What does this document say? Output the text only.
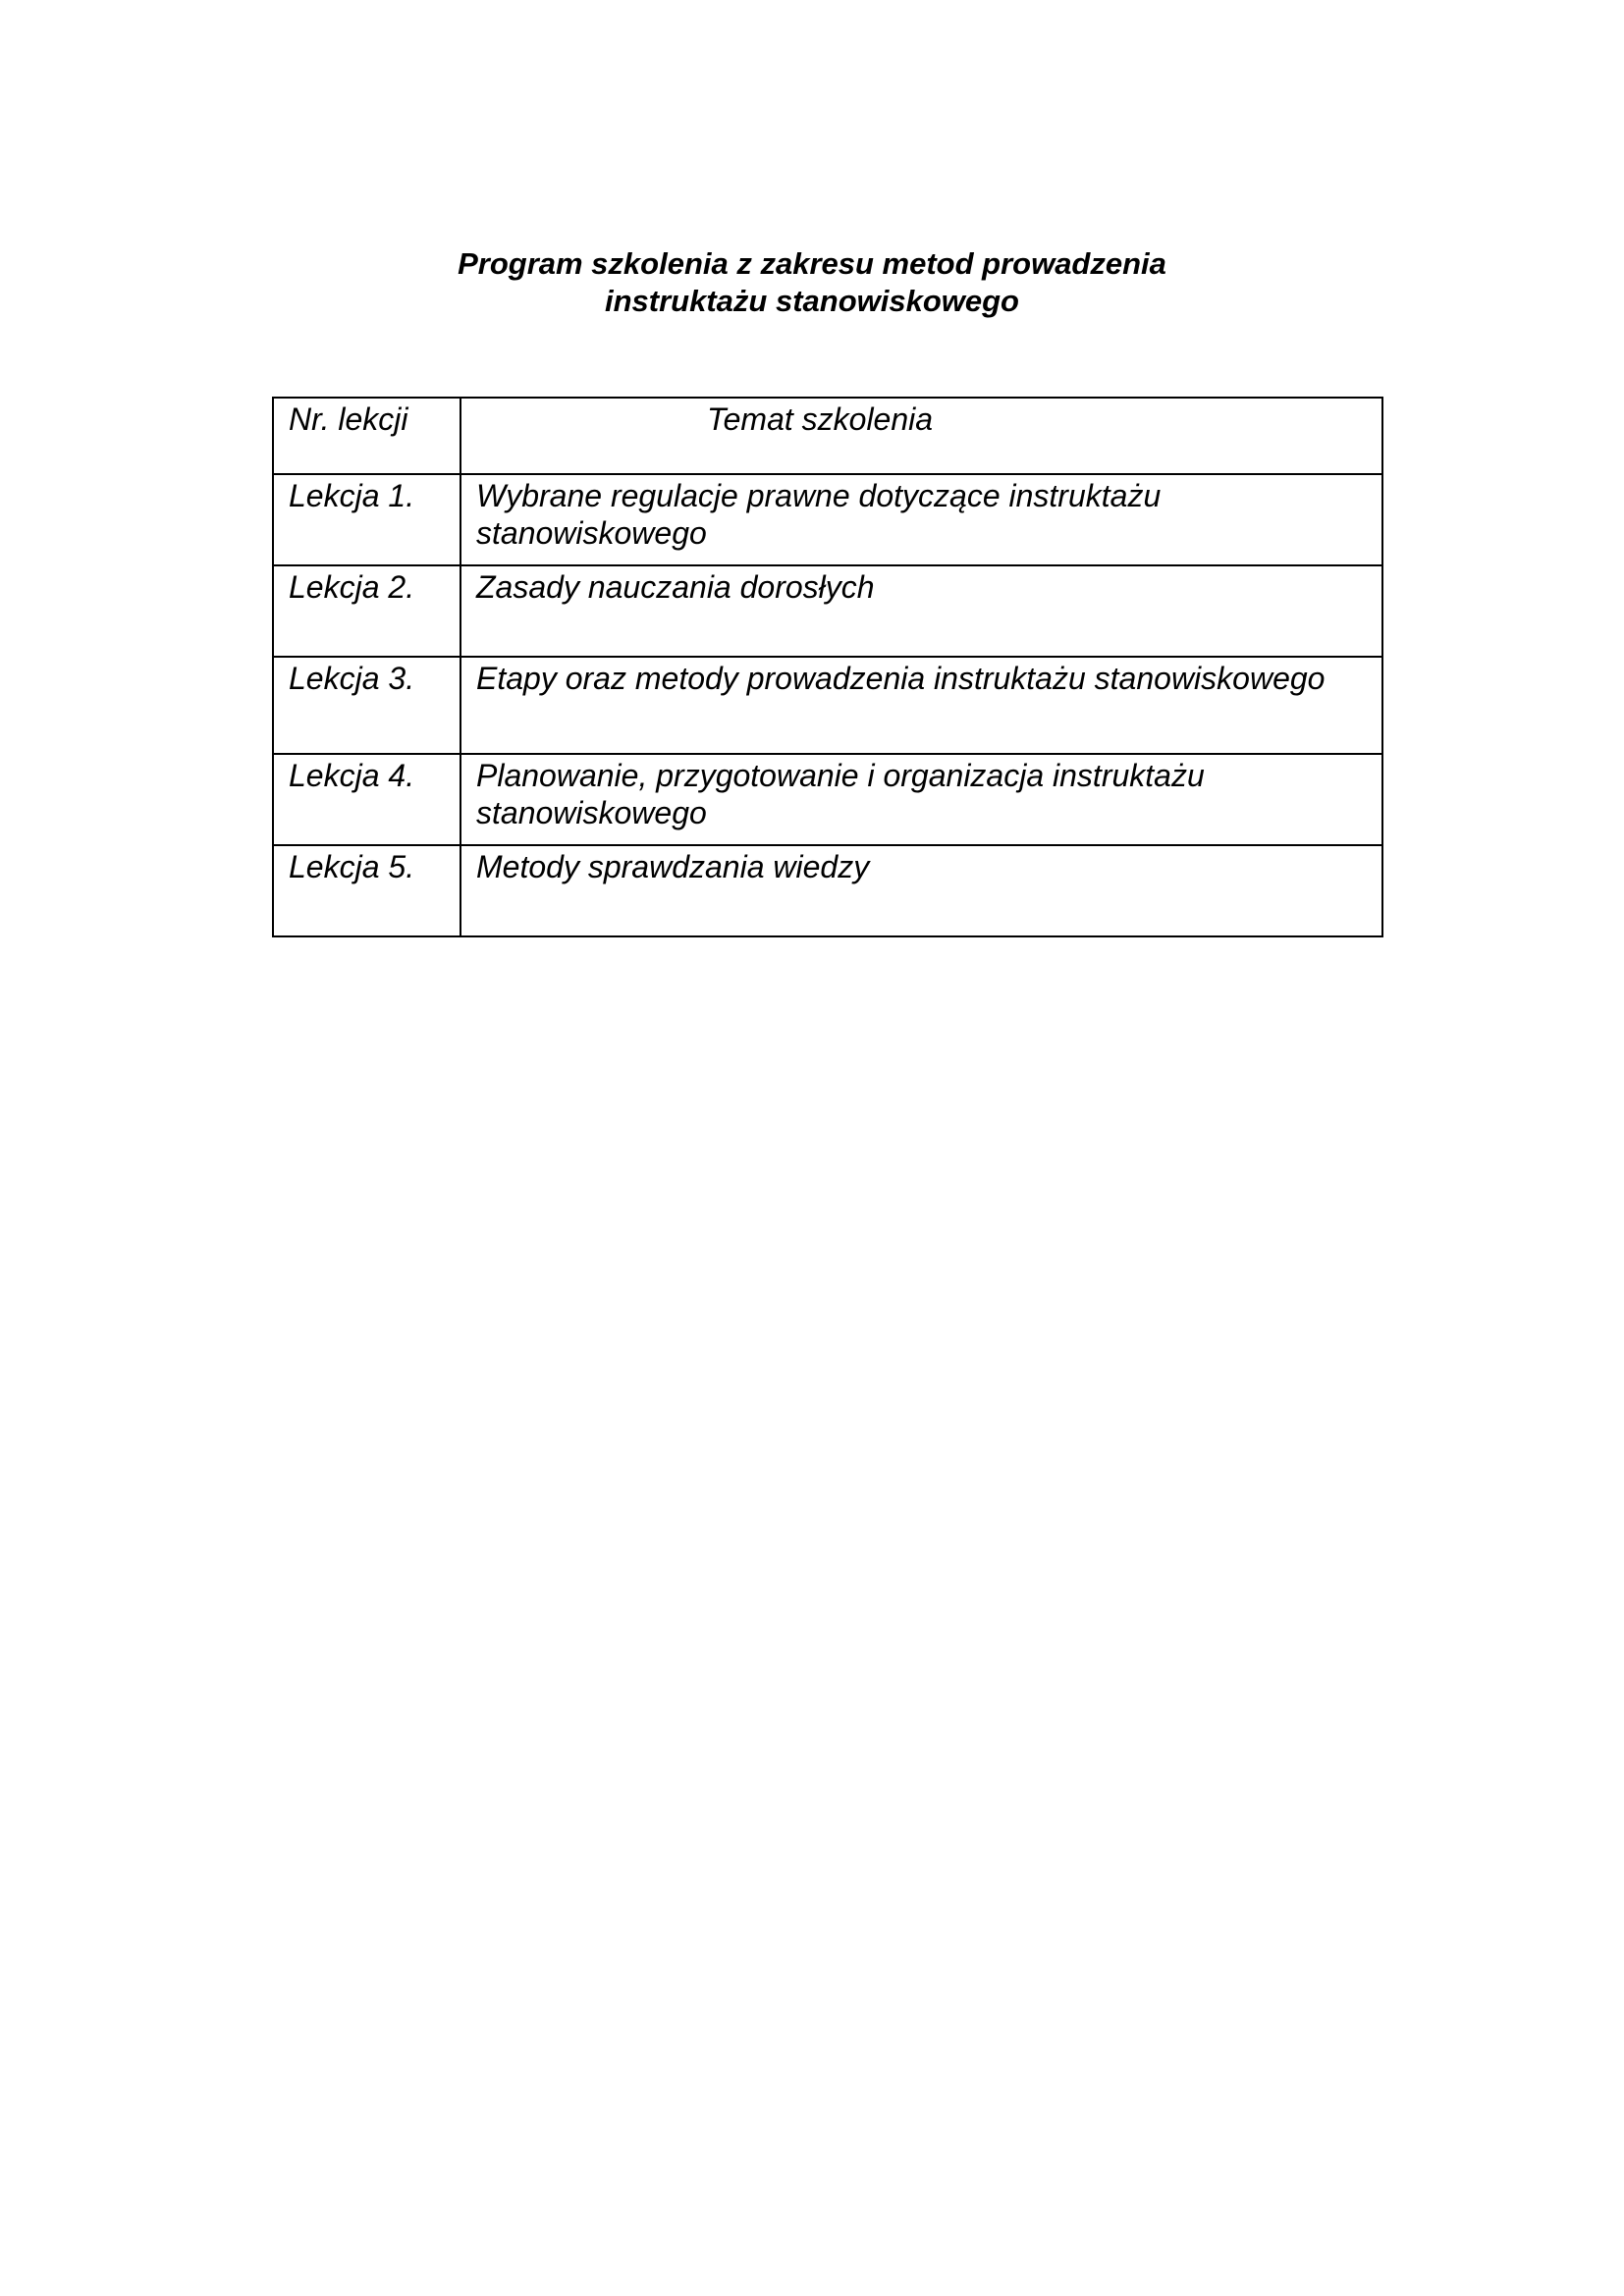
Program szkolenia z zakresu metod prowadzenia
instruktażu stanowiskowego
Nr. lekcji	Temat szkolenia
Lekcja 1.	Wybrane regulacje prawne dotyczące instruktażu stanowiskowego
Lekcja 2.	Zasady nauczania dorosłych
Lekcja 3.	Etapy oraz metody prowadzenia instruktażu stanowiskowego
Lekcja 4.	Planowanie, przygotowanie i organizacja instruktażu stanowiskowego
Lekcja 5.	Metody sprawdzania wiedzy
